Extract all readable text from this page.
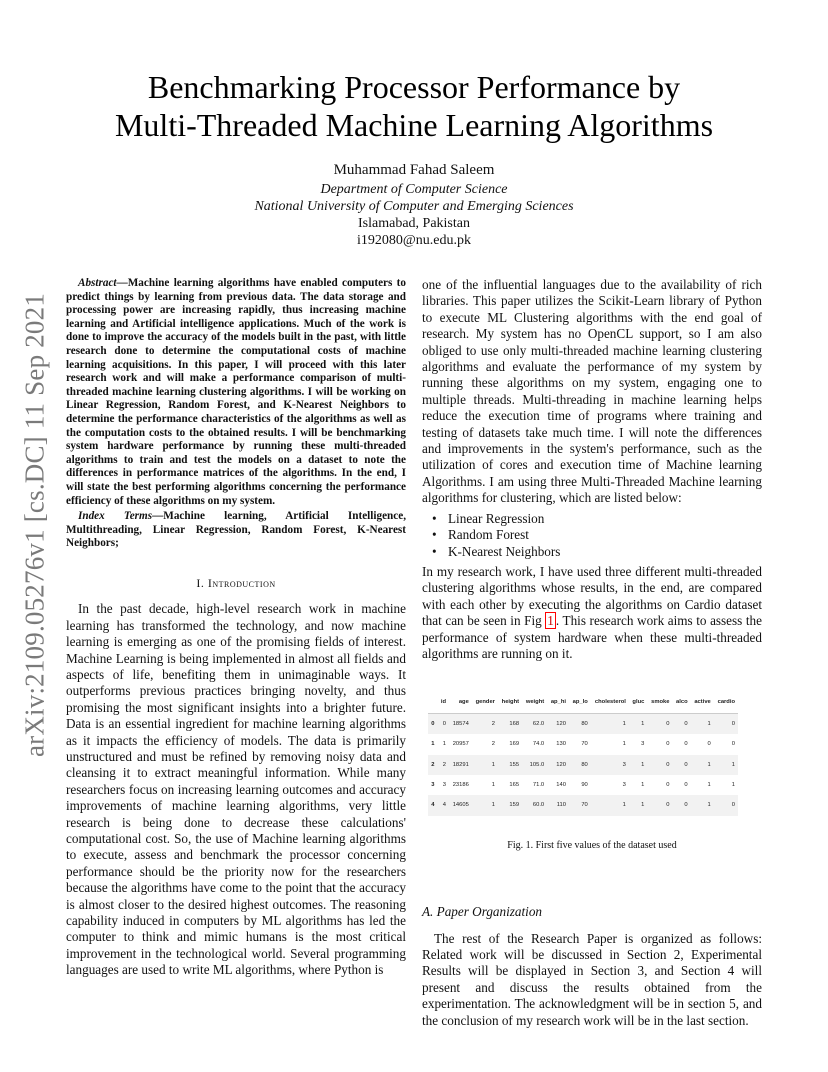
arXiv:2109.05276v1 [cs.DC] 11 Sep 2021
Benchmarking Processor Performance by
Multi-Threaded Machine Learning Algorithms
Muhammad Fahad Saleem
Department of Computer Science
National University of Computer and Emerging Sciences
Islamabad, Pakistan
i192080@nu.edu.pk
Abstract—Machine learning algorithms have enabled computers to predict things by learning from previous data. The data storage and processing power are increasing rapidly, thus increasing machine learning and Artificial intelligence applications. Much of the work is done to improve the accuracy of the models built in the past, with little research done to determine the computational costs of machine learning acquisitions. In this paper, I will proceed with this later research work and will make a performance comparison of multi-threaded machine learning clustering algorithms. I will be working on Linear Regression, Random Forest, and K-Nearest Neighbors to determine the performance characteristics of the algorithms as well as the computation costs to the obtained results. I will be benchmarking system hardware performance by running these multi-threaded algorithms to train and test the models on a dataset to note the differences in performance matrices of the algorithms. In the end, I will state the best performing algorithms concerning the performance efficiency of these algorithms on my system.
Index Terms—Machine learning, Artificial Intelligence, Multithreading, Linear Regression, Random Forest, K-Nearest Neighbors;
I. Introduction

In the past decade, high-level research work in machine learning has transformed the technology, and now machine learning is emerging as one of the promising fields of interest. Machine Learning is being implemented in almost all fields and aspects of life, benefiting them in unimaginable ways. It outperforms previous practices bringing novelty, and thus promising the most significant insights into a brighter future. Data is an essential ingredient for machine learning algorithms as it impacts the efficiency of models. The data is primarily unstructured and must be refined by removing noisy data and cleansing it to extract meaningful information. While many researchers focus on increasing learning outcomes and accuracy improvements of machine learning algorithms, very little research is being done to decrease these calculations' computational cost. So, the use of Machine learning algorithms to execute, assess and benchmark the processor concerning performance should be the priority now for the researchers because the algorithms have come to the point that the accuracy is almost closer to the desired highest outcomes. The reasoning capability induced in computers by ML algorithms has led the computer to think and mimic humans is the most critical improvement in the technological world. Several programming languages are used to write ML algorithms, where Python is

one of the influential languages due to the availability of rich libraries. This paper utilizes the Scikit-Learn library of Python to execute ML Clustering algorithms with the end goal of research. My system has no OpenCL support, so I am also obliged to use only multi-threaded machine learning clustering algorithms and evaluate the performance of my system by running these algorithms on my system, engaging one to multiple threads. Multi-threading in machine learning helps reduce the execution time of programs where training and testing of datasets take much time. I will note the differences and improvements in the system's performance, such as the utilization of cores and execution time of Machine learning Algorithms. I am using three Multi-Threaded Machine learning algorithms for clustering, which are listed below:

• Linear Regression
• Random Forest
• K-Nearest Neighbors

In my research work, I have used three different multi-threaded clustering algorithms whose results, in the end, are compared with each other by executing the algorithms on Cardio dataset that can be seen in Fig 1 . This research work aims to assess the performance of system hardware when these multi-threaded algorithms are running on it.

	id	age	gender	height	weight	ap_hi	ap_lo	cholesterol	gluc	smoke	alco	active	cardio
0	0	18574	2	168	62.0	120	80	1	1	0	0	1	0
1	1	20957	2	169	74.0	130	70	1	3	0	0	0	0
2	2	18291	1	155	105.0	120	80	3	1	0	0	1	1
3	3	23186	1	165	71.0	140	90	3	1	0	0	1	1
4	4	14605	1	159	60.0	110	70	1	1	0	0	1	0
Fig. 1. First five values of the dataset used
A. Paper Organization

The rest of the Research Paper is organized as follows: Related work will be discussed in Section 2, Experimental Results will be displayed in Section 3, and Section 4 will present and discuss the results obtained from the experimentation. The acknowledgment will be in section 5, and the conclusion of my research work will be in the last section.
